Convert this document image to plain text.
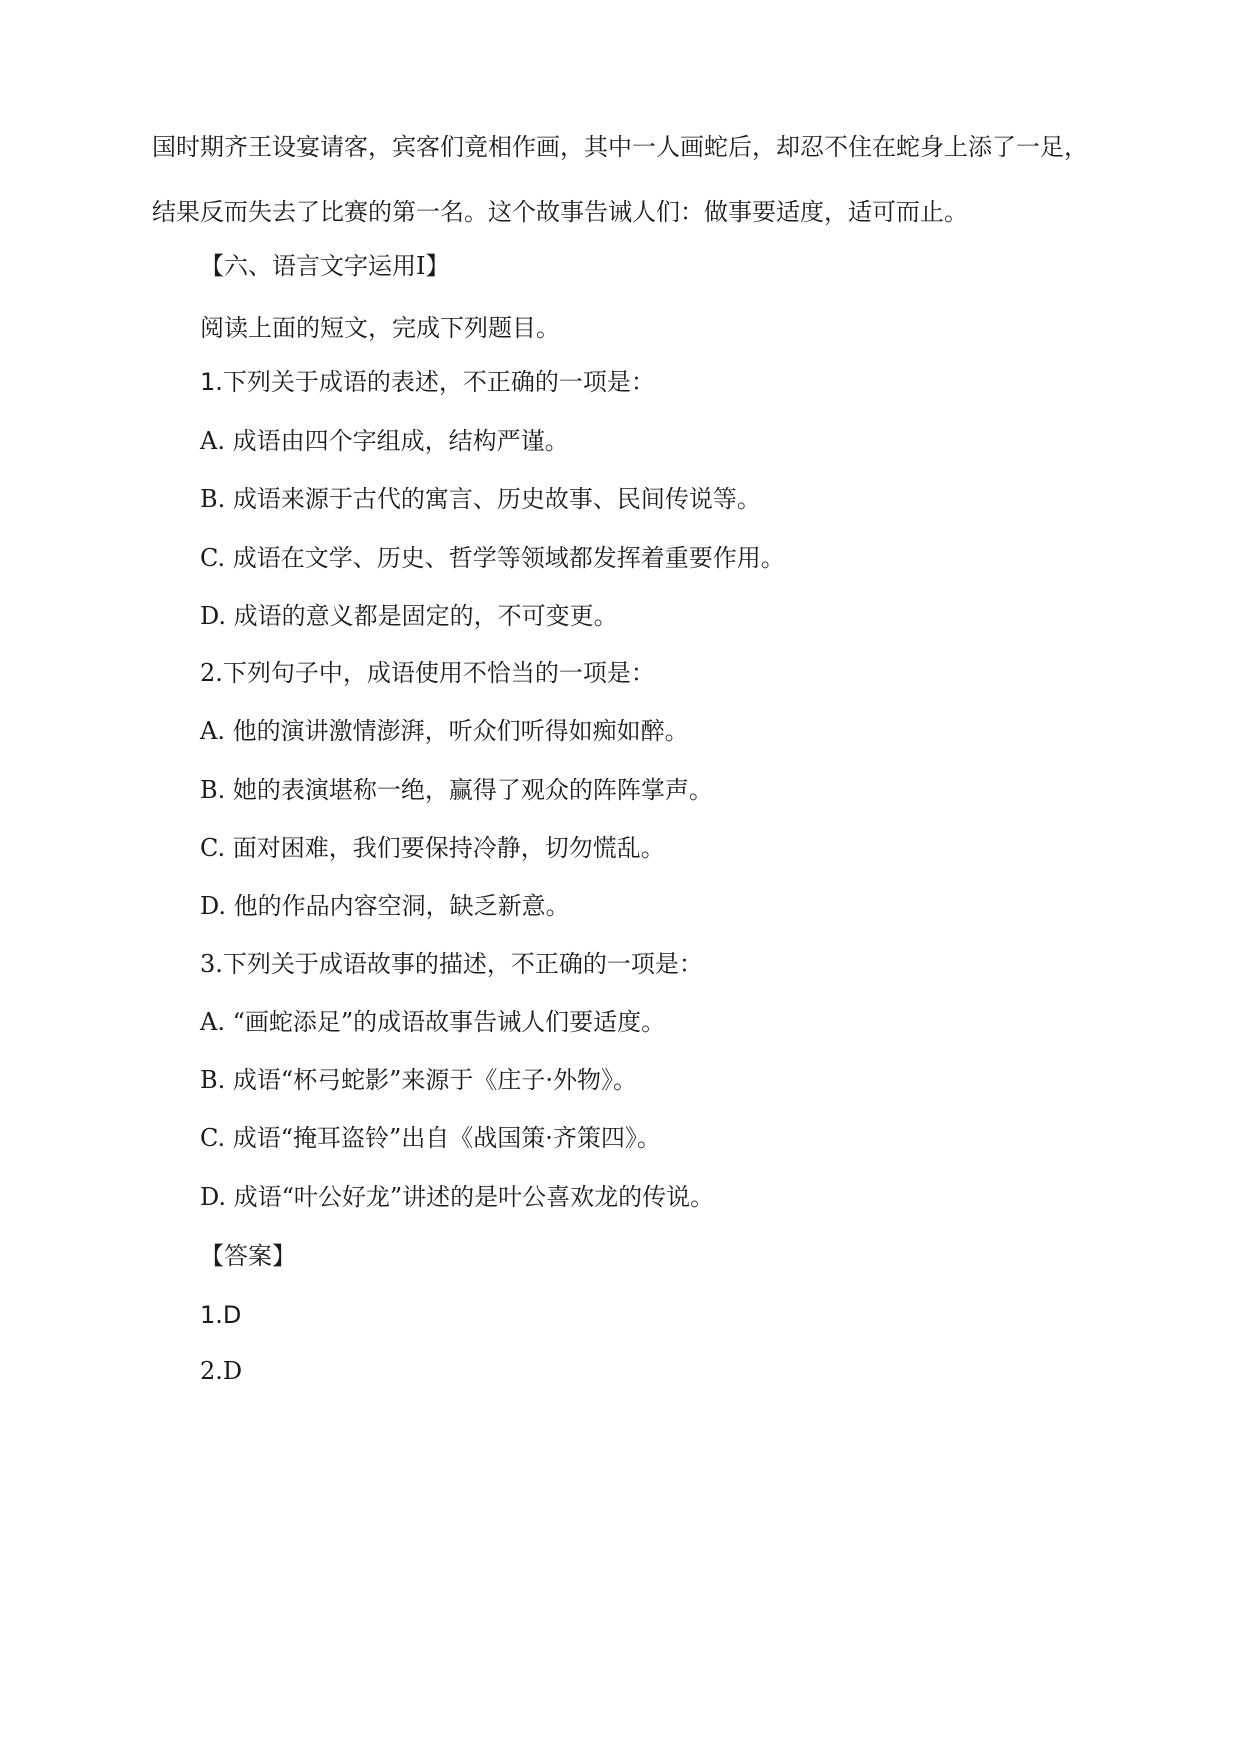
国时期齐王设宴请客，宾客们竟相作画，其中一人画蛇后，却忍不住在蛇身上添了一足，
结果反而失去了比赛的第一名。这个故事告诫人们：做事要适度，适可而止。
【六、语言文字运用Ⅰ】
阅读上面的短文，完成下列题目。
1.下列关于成语的表述，不正确的一项是：
A. 成语由四个字组成，结构严谨。
B. 成语来源于古代的寓言、历史故事、民间传说等。
C. 成语在文学、历史、哲学等领域都发挥着重要作用。
D. 成语的意义都是固定的，不可变更。
2.下列句子中，成语使用不恰当的一项是：
A. 他的演讲激情澎湃，听众们听得如痴如醉。
B. 她的表演堪称一绝，赢得了观众的阵阵掌声。
C. 面对困难，我们要保持冷静，切勿慌乱。
D. 他的作品内容空洞，缺乏新意。
3.下列关于成语故事的描述，不正确的一项是：
A. “画蛇添足”的成语故事告诫人们要适度。
B. 成语“杯弓蛇影”来源于《庄子·外物》。
C. 成语“掩耳盗铃”出自《战国策·齐策四》。
D. 成语“叶公好龙”讲述的是叶公喜欢龙的传说。
【答案】
1.D
2.D
